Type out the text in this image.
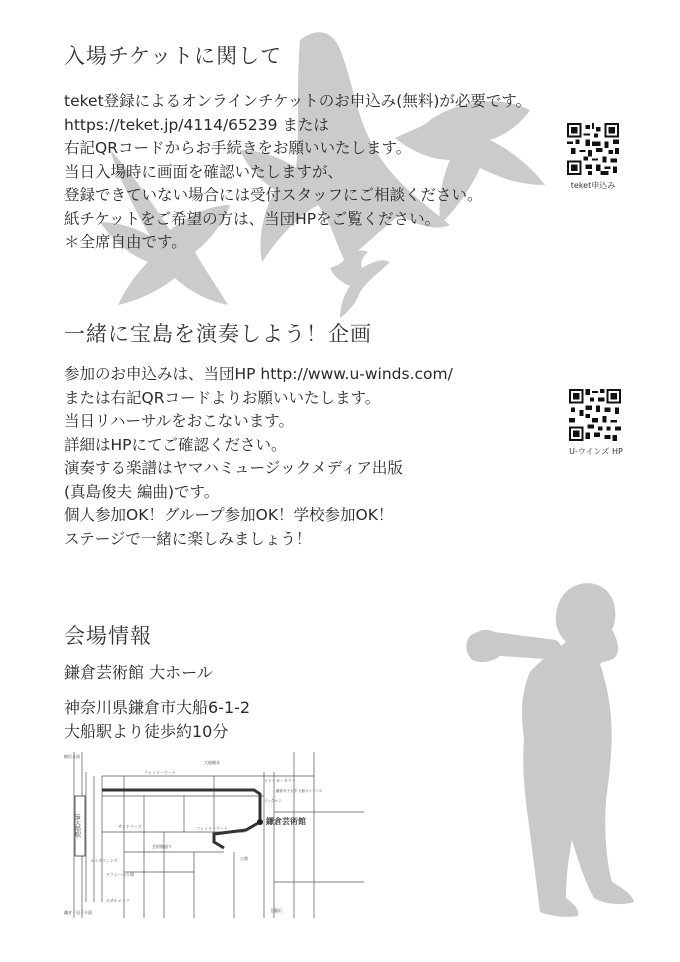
入場チケットに関して
teket登録によるオンラインチケットのお申込み(無料)が必要です。
https://teket.jp/4114/65239 または
右記QRコードからお手続きをお願いいたします。
当日入場時に画面を確認いたしますが、
登録できていない場合には受付スタッフにご相談ください。
紙チケットをご希望の方は、当団HPをご覧ください。
＊全席自由です。
teket申込み
一緒に宝島を演奏しよう！企画
参加のお申込みは、当団HP http://www.u-winds.com/
または右記QRコードよりお願いいたします。
当日リハーサルをおこないます。
詳細はHPにてご確認ください。
演奏する楽譜はヤマハミュージックメディア出版
(真島俊夫 編曲)です。
個人参加OK！グループ参加OK！学校参加OK！
ステージで一緒に楽しみましょう！
U-ウインズ HP
会場情報
鎌倉芸術館 大ホール
神奈川県鎌倉市大船6-1-2
大船駅より徒歩約10分
JR大船駅
横浜方面
鎌倉・逗子方面
ファミリーマート
大船観音
イトーヨーカドー
鎌倉女子大学 大船キャンパス
ブックオフ
サンドラッグ	ファミリーマート
芸術館通り
ルミネウィング
タクシーのり場
ホテルメッツ
公園
至藤沢
鎌倉芸術館
